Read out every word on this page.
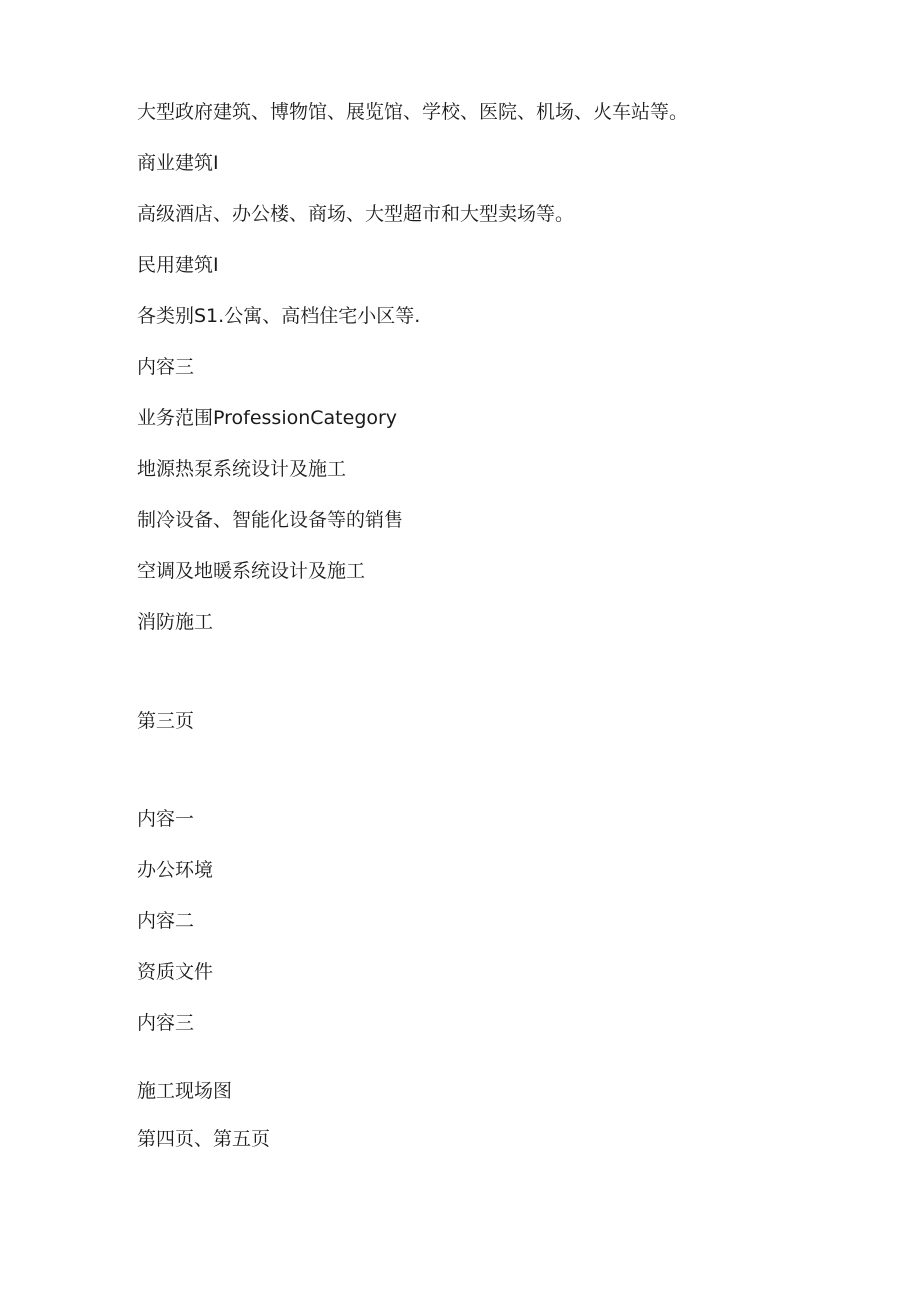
大型政府建筑、博物馆、展览馆、学校、医院、机场、火车站等。

商业建筑I

高级酒店、办公楼、商场、大型超市和大型卖场等。

民用建筑I

各类别S1.公寓、高档住宅小区等.

内容三

业务范围ProfessionCategory

地源热泵系统设计及施工

制冷设备、智能化设备等的销售

空调及地暖系统设计及施工

消防施工

第三页

内容一

办公环境

内容二

资质文件

内容三

施工现场图

第四页、第五页
